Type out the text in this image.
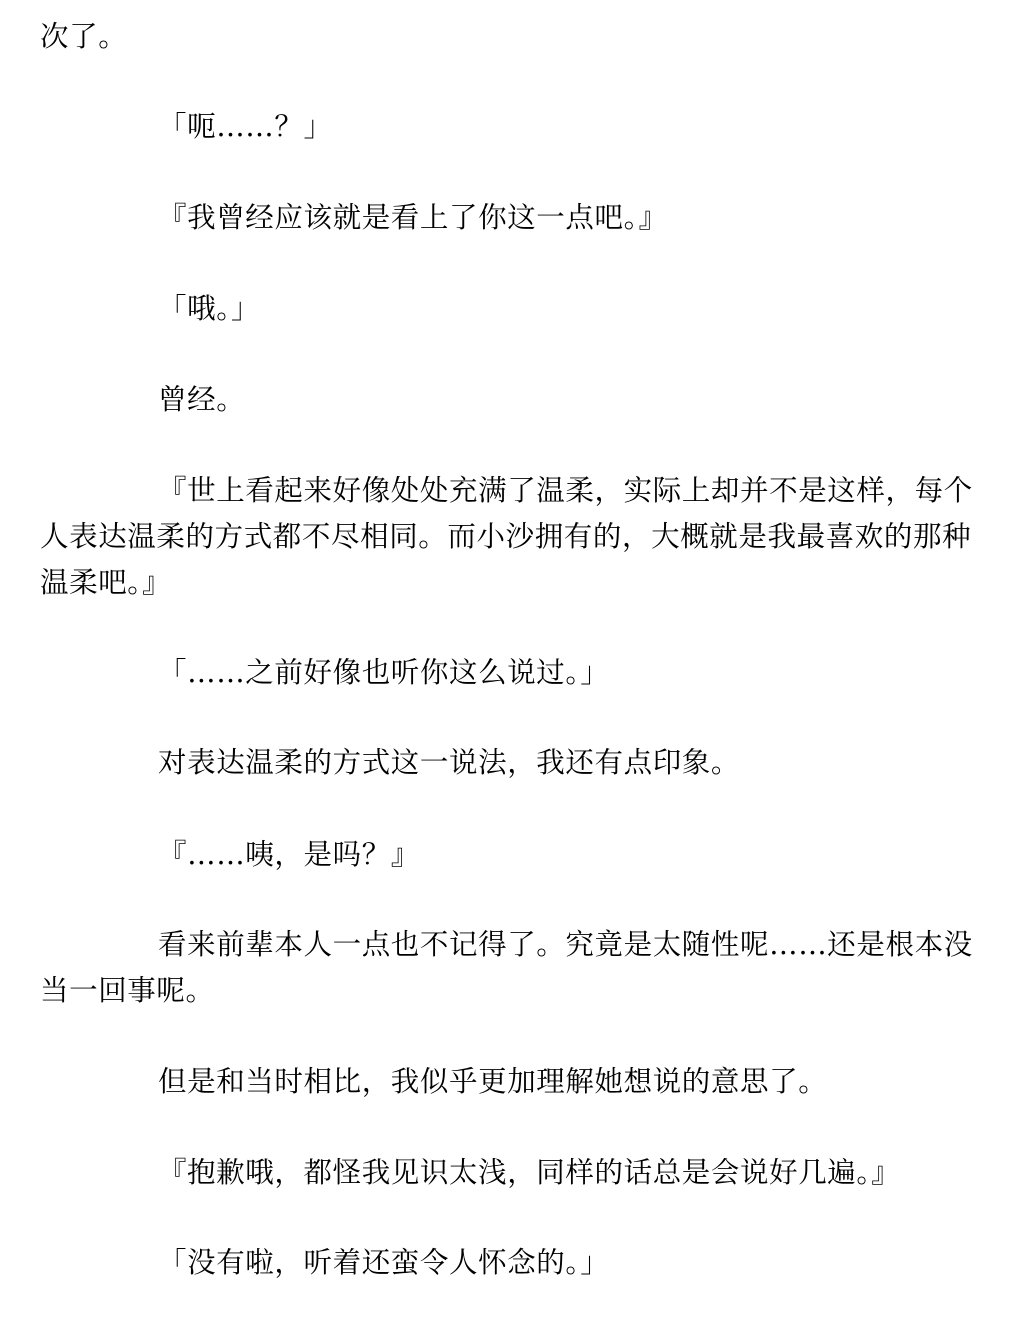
次了。

「呃……？」

『我曾经应该就是看上了你这一点吧。』

「哦。」

曾经。

『世上看起来好像处处充满了温柔，实际上却并不是这样，每个人表达温柔的方式都不尽相同。而小沙拥有的，大概就是我最喜欢的那种温柔吧。』

「……之前好像也听你这么说过。」

对表达温柔的方式这一说法，我还有点印象。

『……咦，是吗？』

看来前辈本人一点也不记得了。究竟是太随性呢……还是根本没当一回事呢。

但是和当时相比，我似乎更加理解她想说的意思了。

『抱歉哦，都怪我见识太浅，同样的话总是会说好几遍。』

「没有啦，听着还蛮令人怀念的。」
